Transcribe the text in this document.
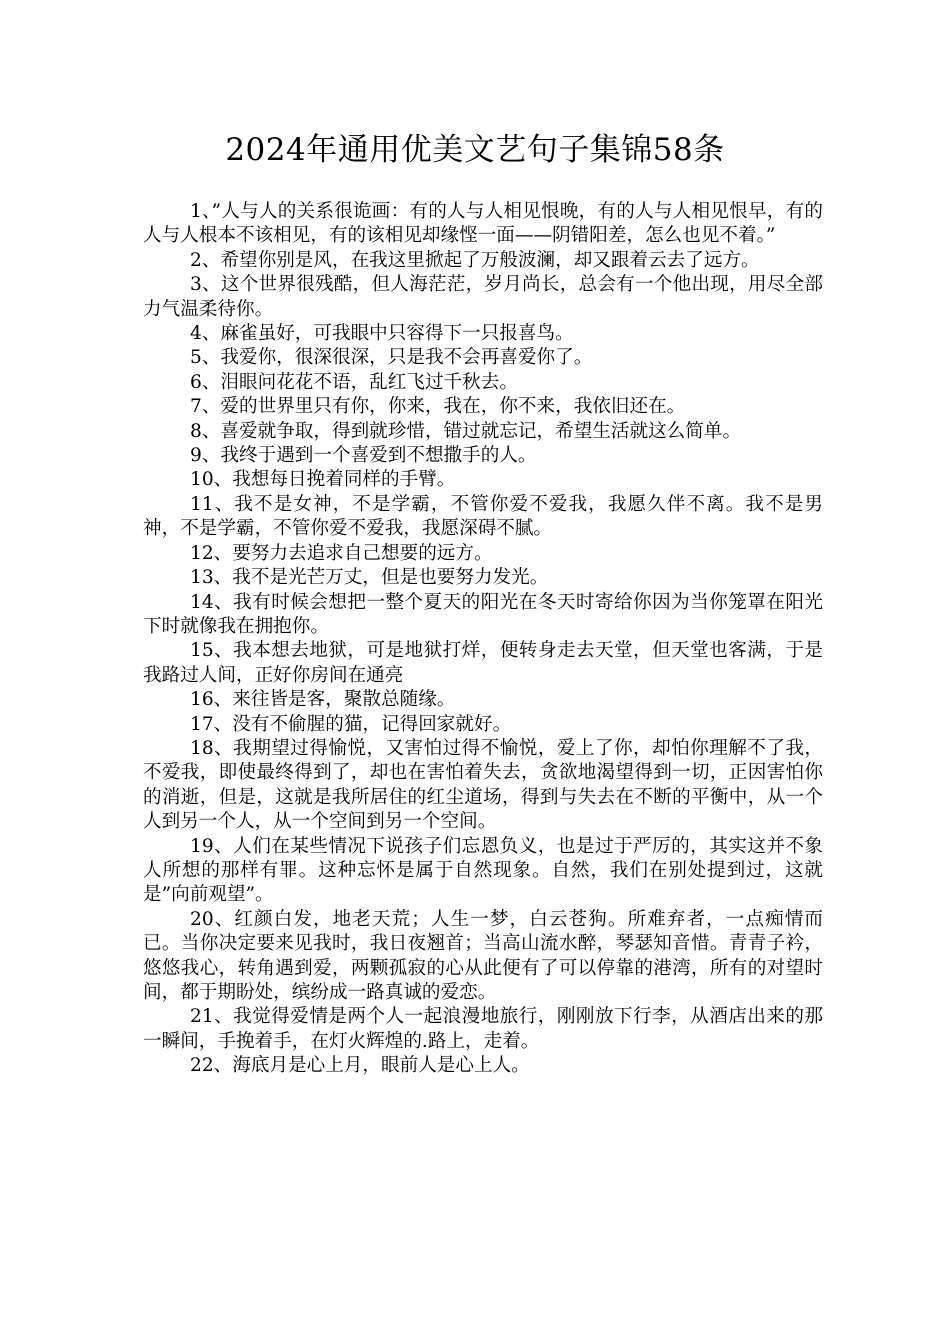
2024年通用优美文艺句子集锦58条

1、”人与人的关系很诡画：有的人与人相见恨晚，有的人与人相见恨早，有的人与人根本不该相见，有的该相见却缘悭一面——阴错阳差，怎么也见不着。”

2、希望你别是风，在我这里掀起了万般波澜，却又跟着云去了远方。

3、这个世界很残酷，但人海茫茫，岁月尚长，总会有一个他出现，用尽全部力气温柔待你。

4、麻雀虽好，可我眼中只容得下一只报喜鸟。

5、我爱你，很深很深，只是我不会再喜爱你了。

6、泪眼问花花不语，乱红飞过千秋去。

7、爱的世界里只有你，你来，我在，你不来，我依旧还在。

8、喜爱就争取，得到就珍惜，错过就忘记，希望生活就这么简单。

9、我终于遇到一个喜爱到不想撒手的人。

10、我想每日挽着同样的手臂。

11、我不是女神，不是学霸，不管你爱不爱我，我愿久伴不离。我不是男神，不是学霸，不管你爱不爱我，我愿深碍不腻。

12、要努力去追求自己想要的远方。

13、我不是光芒万丈，但是也要努力发光。

14、我有时候会想把一整个夏天的阳光在冬天时寄给你因为当你笼罩在阳光下时就像我在拥抱你。

15、我本想去地狱，可是地狱打烊，便转身走去天堂，但天堂也客满，于是我路过人间，正好你房间在通亮

16、来往皆是客，聚散总随缘。

17、没有不偷腥的猫，记得回家就好。

18、我期望过得愉悦，又害怕过得不愉悦，爱上了你，却怕你理解不了我，不爱我，即使最终得到了，却也在害怕着失去，贪欲地渴望得到一切，正因害怕你的消逝，但是，这就是我所居住的红尘道场，得到与失去在不断的平衡中，从一个人到另一个人，从一个空间到另一个空间。

19、人们在某些情况下说孩子们忘恩负义，也是过于严厉的，其实这并不象人所想的那样有罪。这种忘怀是属于自然现象。自然，我们在别处提到过，这就是”向前观望”。

20、红颜白发，地老天荒；人生一梦，白云苍狗。所难弃者，一点痴情而已。当你决定要来见我时，我日夜翘首；当高山流水醉，琴瑟知音惜。青青子衿，悠悠我心，转角遇到爱，两颗孤寂的心从此便有了可以停靠的港湾，所有的对望时间，都于期盼处，缤纷成一路真诚的爱恋。

21、我觉得爱情是两个人一起浪漫地旅行，刚刚放下行李，从酒店出来的那一瞬间，手挽着手，在灯火辉煌的.路上，走着。

22、海底月是心上月，眼前人是心上人。
